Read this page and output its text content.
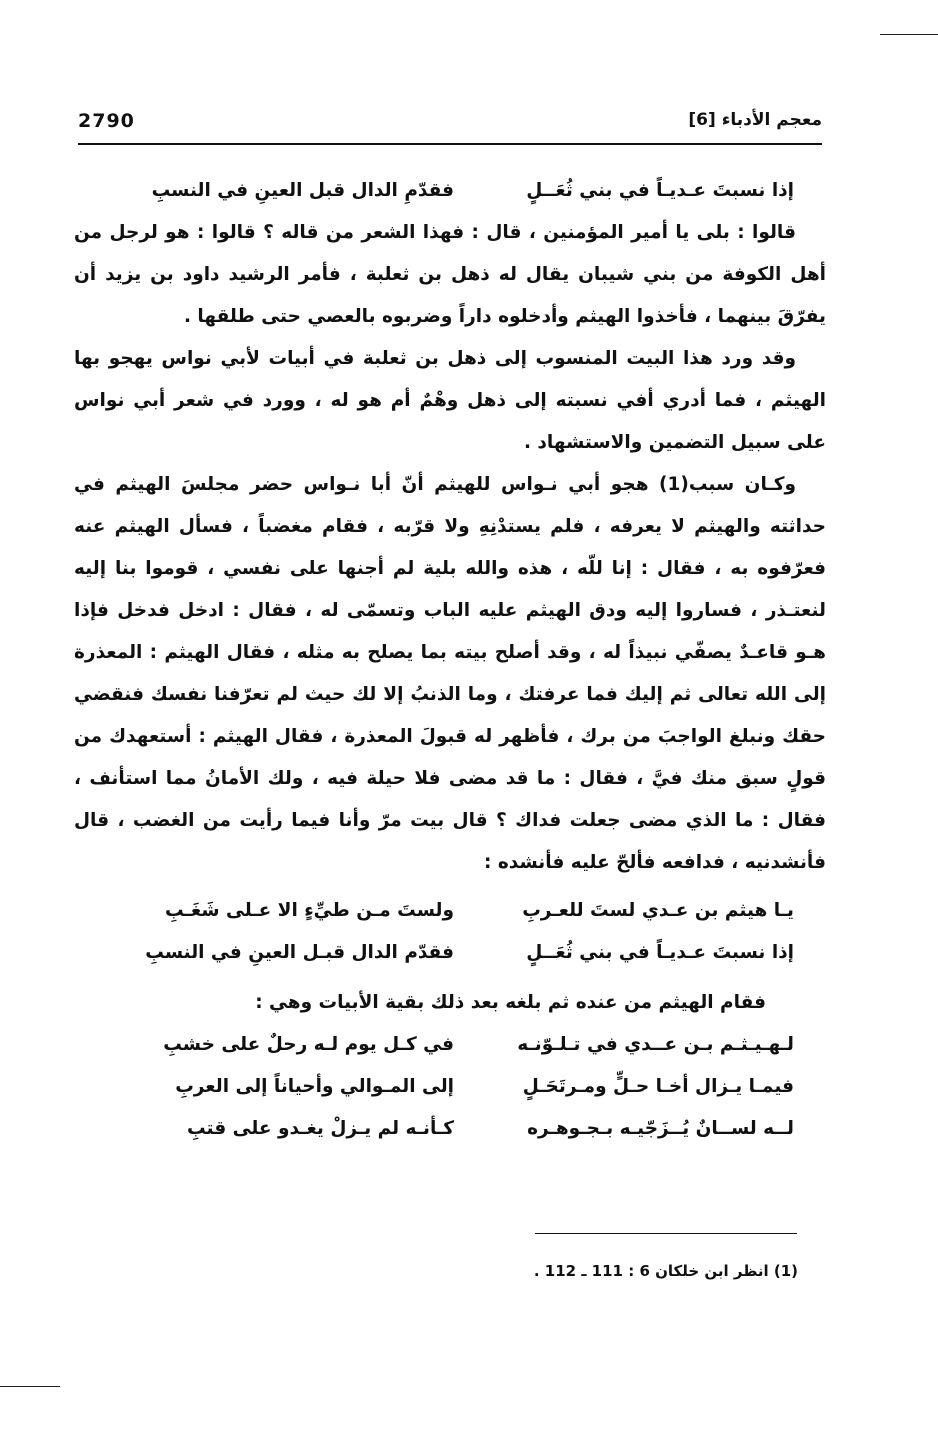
2790	معجم الأدباء [6]
إذا نسبتَ عـديـاً في بني ثُعَــلٍ
فقدّمِ الدال قبل العينِ في النسبِ

قالوا : بلى يا أمير المؤمنين ، قال : فهذا الشعر من قاله ؟ قالوا : هو لرجل من أهل الكوفة من بني شيبان يقال له ذهل بن ثعلبة ، فأمر الرشيد داود بن يزيد أن يفرّقَ بينهما ، فأخذوا الهيثم وأدخلوه داراً وضربوه بالعصي حتى طلقها .

وقد ورد هذا البيت المنسوب إلى ذهل بن ثعلبة في أبيات لأبي نواس يهجو بها الهيثم ، فما أدري أفي نسبته إلى ذهل وهْمٌ أم هو له ، وورد في شعر أبي نواس على سبيل التضمين والاستشهاد .

وكـان سبب(1) هجو أبي نـواس للهيثم أنّ أبا نـواس حضر مجلسَ الهيثم في حداثته والهيثم لا يعرفه ، فلم يستدْنِهِ ولا قرّبه ، فقام مغضباً ، فسأل الهيثم عنه فعرّفوه به ، فقال : إنا للّه ، هذه والله بلية لم أجنها على نفسي ، قوموا بنا إليه لنعتـذر ، فساروا إليه ودق الهيثم عليه الباب وتسمّى له ، فقال : ادخل فدخل فإذا هـو قاعـدٌ يصفّي نبيذاً له ، وقد أصلح بيته بما يصلح به مثله ، فقال الهيثم : المعذرة إلى الله تعالى ثم إليك فما عرفتك ، وما الذنبُ إلا لك حيث لم تعرّفنا نفسك فنقضي حقك ونبلغ الواجبَ من برك ، فأظهر له قبولَ المعذرة ، فقال الهيثم : أستعهدك من قولٍ سبق منك فيَّ ، فقال : ما قد مضى فلا حيلة فيه ، ولك الأمانُ مما استأنف ، فقال : ما الذي مضى جعلت فداك ؟ قال بيت مرّ وأنا فيما رأيت من الغضب ، قال فأنشدنيه ، فدافعه فألحّ عليه فأنشده :

يـا هيثم بن عـدي لستَ للعـربِ
ولستَ مـن طيِّءٍ الا عـلى شَغَـبِ
إذا نسبتَ عـديـاً في بني ثُعَــلٍ
فقدّم الدال قبـل العينِ في النسبِ

فقام الهيثم من عنده ثم بلغه بعد ذلك بقية الأبيات وهي :

لـهـيـثـم بـن عــدي في تـلـوّنـه
في كـل يوم لـه رحلٌ على خشبِ
فيمـا يـزال أخـا حـلٍّ ومـرتَحَـلٍ
إلى المـوالي وأحياناً إلى العربِ
لــه لســانٌ يُــزَجّيـه بـجـوهـره
كـأنـه لم يـزلْ يغـدو على قتبِ
(1) انظر ابن خلكان 6 : 111 ـ 112 .
